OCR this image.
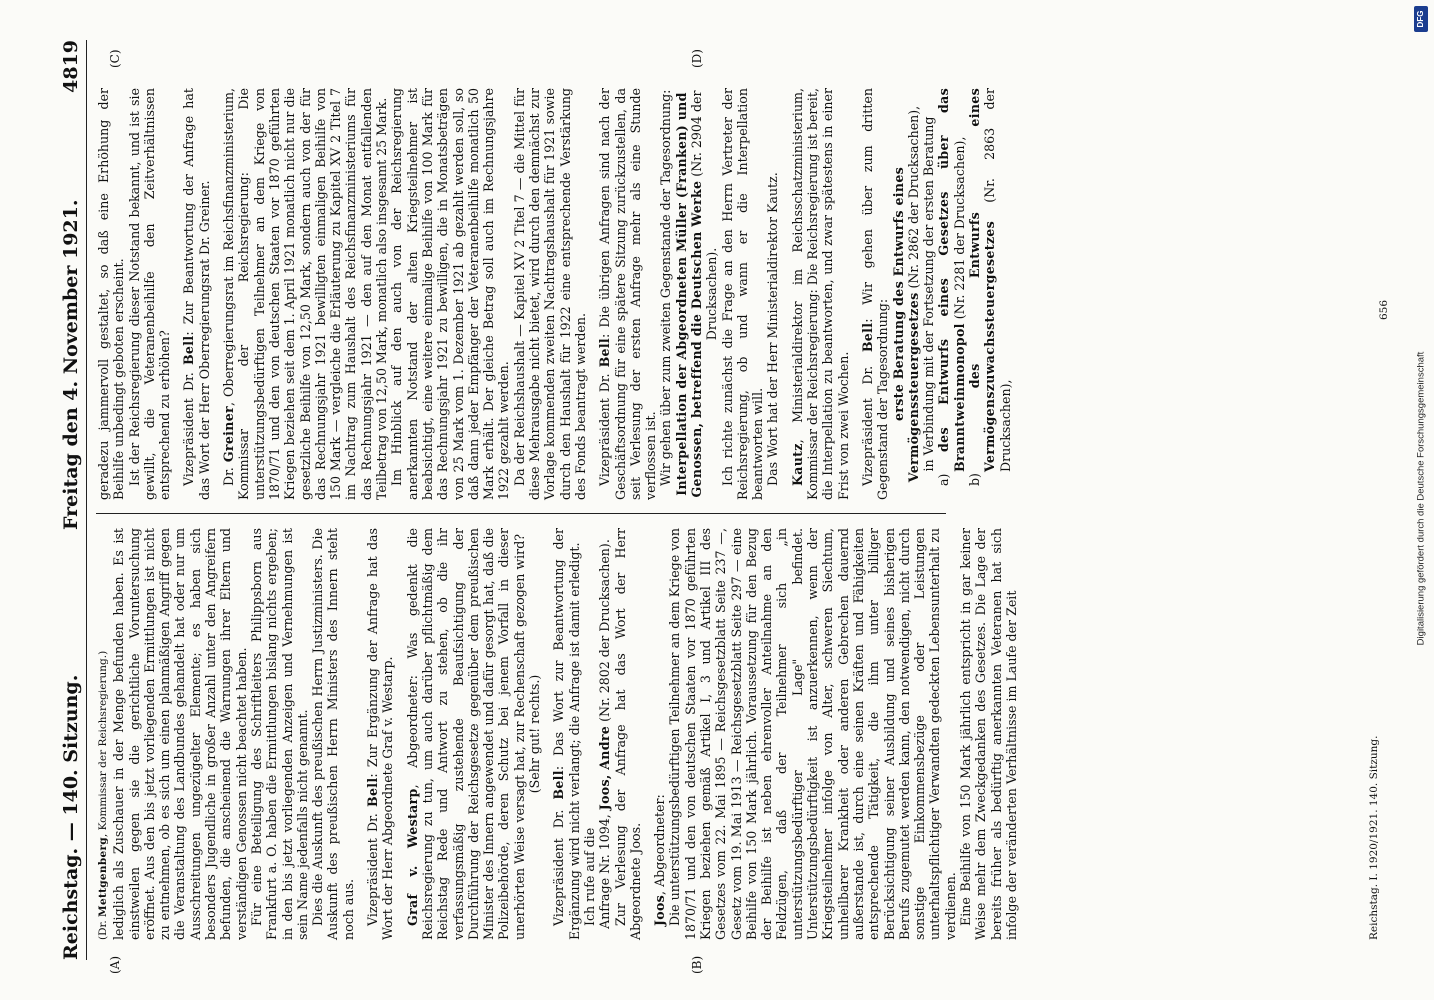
Reichstag. — 140. Sitzung.
Freitag den 4. November 1921.
4819
(A)	(B)
(C)	(D)

(Dr. Mettgenberg, Kommissar der Reichsregierung.) lediglich als Zuschauer in der Menge befunden haben. Es ist einstweilen gegen sie die gerichtliche Voruntersuchung eröffnet. Aus den bis jetzt vorliegenden Ermittlungen ist nicht zu entnehmen, ob es sich um einen planmäßigen Angriff gegen die Veranstaltung des Landbundes gehandelt hat oder nur um Ausschreitungen ungezügelter Elemente; es haben sich besonders Jugendliche in großer Anzahl unter den Angreifern befunden, die anscheinend die Warnungen ihrer Eltern und verständigen Genossen nicht beachtet haben. Für eine Beteiligung des Schriftleiters Philippsborn aus Frankfurt a. O. haben die Ermittlungen bislang nichts ergeben; in den bis jetzt vorliegenden Anzeigen und Vernehmungen ist sein Name jedenfalls nicht genannt. Dies die Auskunft des preußischen Herrn Justizministers. Die Auskunft des preußischen Herrn Ministers des Innern steht noch aus. Vizepräsident Dr. Bell: Zur Ergänzung der Anfrage hat das Wort der Herr Abgeordnete Graf v. Westarp. Graf v. Westarp, Abgeordneter: Was gedenkt die Reichsregierung zu tun, um auch darüber pflichtmäßig dem Reichstag Rede und Antwort zu stehen, ob die ihr verfassungsmäßig zustehende Beaufsichtigung der Durchführung der Reichsgesetze gegenüber dem preußischen Minister des Innern angewendet und dafür gesorgt hat, daß die Polizeibehörde, deren Schutz bei jenem Vorfall in dieser unerhörten Weise versagt hat, zur Rechenschaft gezogen wird? (Sehr gut! rechts.)

Vizepräsident Dr. Bell: Das Wort zur Beantwortung der Ergänzung wird nicht verlangt; die Anfrage ist damit erledigt. Ich rufe auf die Anfrage Nr. 1094, Joos, Andre (Nr. 2802 der Drucksachen). Zur Verlesung der Anfrage hat das Wort der Herr Abgeordnete Joos. Joos, Abgeordneter: Die unterstützungsbedürftigen Teilnehmer an dem Kriege von 1870/71 und den von deutschen Staaten vor 1870 geführten Kriegen beziehen gemäß Artikel I, 3 und Artikel III des Gesetzes vom 22. Mai 1895 — Reichsgesetzblatt Seite 237 —, Gesetz vom 19. Mai 1913 — Reichsgesetzblatt Seite 297 — eine Beihilfe von 150 Mark jährlich. Voraussetzung für den Bezug der Beihilfe ist neben ehrenvoller Anteilnahme an den Feldzügen, daß der Teilnehmer sich „in unterstützungsbedürftiger Lage" befindet. Unterstützungsbedürftigkeit ist anzuerkennen, wenn der Kriegsteilnehmer infolge von Alter, schweren Siechtum, unheilbarer Krankheit oder anderen Gebrechen dauernd außerstande ist, durch eine seinen Kräften und Fähigkeiten entsprechende Tätigkeit, die ihm unter billiger Berücksichtigung seiner Ausbildung und seines bisherigen Berufs zugemutet werden kann, den notwendigen, nicht durch sonstige Einkommensbezüge oder Leistungen unterhaltspflichtiger Verwandten gedeckten Lebensunterhalt zu verdienen. Eine Beihilfe von 150 Mark jährlich entspricht in gar keiner Weise mehr dem Zweckgedanken des Gesetzes. Die Lage der bereits früher als bedürftig anerkannten Veteranen hat sich infolge der veränderten Verhältnisse im Laufe der Zeit

geradezu jammervoll gestaltet, so daß eine Erhöhung der Beihilfe unbedingt geboten erscheint. Ist der Reichsregierung dieser Notstand bekannt, und ist sie gewillt, die Veteranenbeihilfe den Zeitverhältnissen entsprechend zu erhöhen? Vizepräsident Dr. Bell: Zur Beantwortung der Anfrage hat das Wort der Herr Oberregierungsrat Dr. Greiner. Dr. Greiner, Oberregierungsrat im Reichsfinanzministerium, Kommissar der Reichsregierung: Die unterstützungsbedürftigen Teilnehmer an dem Kriege von 1870/71 und den von deutschen Staaten vor 1870 geführten Kriegen beziehen seit dem 1. April 1921 monatlich nicht nur die gesetzliche Beihilfe von 12,50 Mark, sondern auch von der für das Rechnungsjahr 1921 bewilligten einmaligen Beihilfe von 150 Mark — vergleiche die Erläuterung zu Kapitel XV 2 Titel 7 im Nachtrag zum Haushalt des Reichsfinanzministeriums für das Rechnungsjahr 1921 — den auf den Monat entfallenden Teilbetrag von 12,50 Mark, monatlich also insgesamt 25 Mark. Im Hinblick auf den auch von der Reichsregierung anerkannten Notstand der alten Kriegsteilnehmer ist beabsichtigt, eine weitere einmalige Beihilfe von 100 Mark für das Rechnungsjahr 1921 zu bewilligen, die in Monatsbeträgen von 25 Mark vom 1. Dezember 1921 ab gezahlt werden soll, so daß dann jeder Empfänger der Veteranenbeihilfe monatlich 50 Mark erhält. Der gleiche Betrag soll auch im Rechnungsjahre 1922 gezahlt werden. Da der Reichshaushalt — Kapitel XV 2 Titel 7 — die Mittel für diese Mehrausgabe nicht bietet, wird durch den demnächst zur Vorlage kommenden zweiten Nachtragshaushalt für 1921 sowie durch den Haushalt für 1922 eine entsprechende Verstärkung des Fonds beantragt werden. Vizepräsident Dr. Bell: Die übrigen Anfragen sind nach der Geschäftsordnung für eine spätere Sitzung zurückzustellen, da seit Verlesung der ersten Anfrage mehr als eine Stunde verflossen ist. Wir gehen über zum zweiten Gegenstande der Tagesordnung: Interpellation der Abgeordneten Müller (Franken) und Genossen, betreffend die Deutschen Werke (Nr. 2904 der Drucksachen). Ich richte zunächst die Frage an den Herrn Vertreter der Reichsregierung, ob und wann er die Interpellation beantworten will. Das Wort hat der Herr Ministerialdirektor Kautz. Kautz, Ministerialdirektor im Reichsschatzministerium, Kommissar der Reichsregierung: Die Reichsregierung ist bereit, die Interpellation zu beantworten, und zwar spätestens in einer Frist von zwei Wochen. Vizepräsident Dr. Bell: Wir gehen über zum dritten Gegenstand der Tagesordnung: erste Beratung des Entwurfs eines Vermögenssteuergesetzes (Nr. 2862 der Drucksachen), in Verbindung mit der Fortsetzung der ersten Beratung

a) des Entwurfs eines Gesetzes über das Branntweinmonopol (Nr. 2281 der Drucksachen),

b) des Entwurfs eines Vermögenszuwachssteuergesetzes (Nr. 2863 der Drucksachen),

Reichstag. I. 1920/1921. 140. Sitzung.
656
Digitalisierung gefördert durch die Deutsche Forschungsgemeinschaft
DFG
